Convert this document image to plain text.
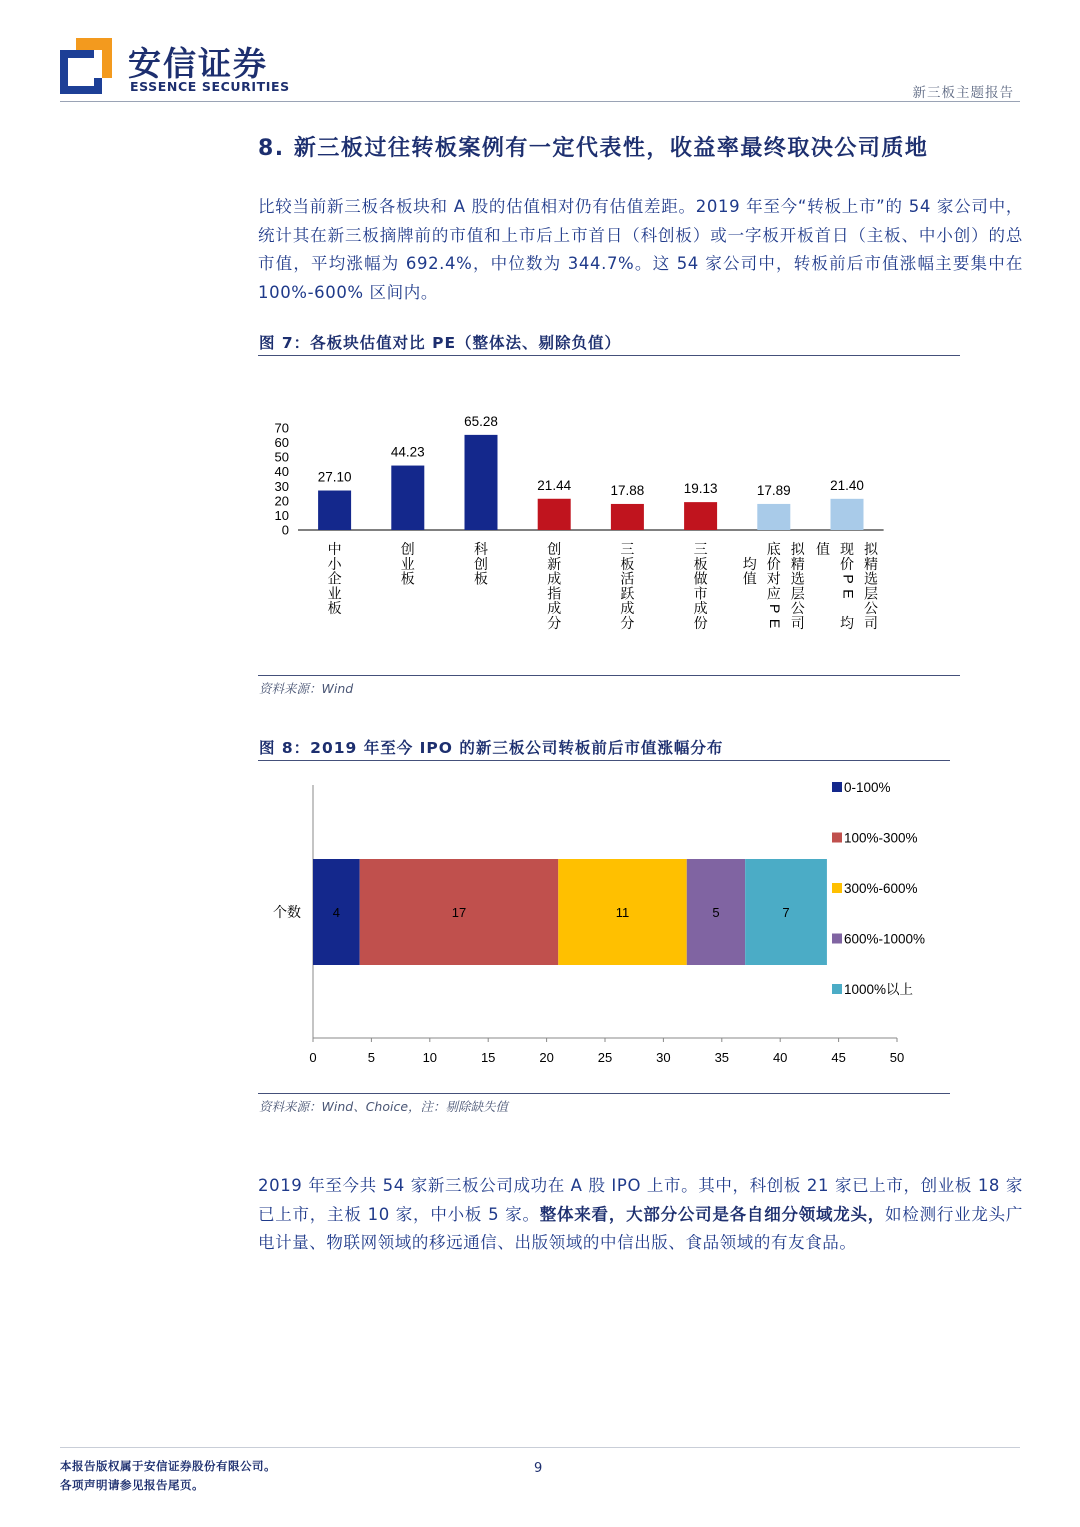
安信证券
ESSENCE SECURITIES	新三板主题报告
8. 新三板过往转板案例有一定代表性，收益率最终取决公司质地
比较当前新三板各板块和 A 股的估值相对仍有估值差距。2019 年至今“转板上市”的 54 家公司中，统计其在新三板摘牌前的市值和上市后上市首日（科创板）或一字板开板首日（主板、中小创）的总市值，平均涨幅为 692.4%，中位数为 344.7%。这 54 家公司中，转板前后市值涨幅主要集中在 100%-600% 区间内。
图 7：各板块估值对比 PE（整体法、剔除负值）
0
10
20
30
40
50
60
70
27.10
中
小
企
业
板
44.23
创
业
板
65.28
科
创
板
21.44
创
新
成
指
成
分
17.88
三
板
活
跃
成
分
19.13
三
板
做
市
成
份
17.89
拟
精
选
层
公
司
底
价
对
应
P
E
均
值
21.40
拟
精
选
层
公
司
现
价
P
E
均
值
资料来源：Wind
图 8：2019 年至今 IPO 的新三板公司转板前后市值涨幅分布
个数
0	5	10	15	20	25	30	35	40	45	50
4
0-100%
17
100%-300%
11
300%-600%
5
600%-1000%
7
1000%以上
资料来源：Wind、Choice，注：剔除缺失值
2019 年至今共 54 家新三板公司成功在 A 股 IPO 上市。其中，科创板 21 家已上市，创业板 18 家已上市，主板 10 家，中小板 5 家。整体来看，大部分公司是各自细分领域龙头，如检测行业龙头广电计量、物联网领域的移远通信、出版领域的中信出版、食品领域的有友食品。
本报告版权属于安信证券股份有限公司。
各项声明请参见报告尾页。
9
